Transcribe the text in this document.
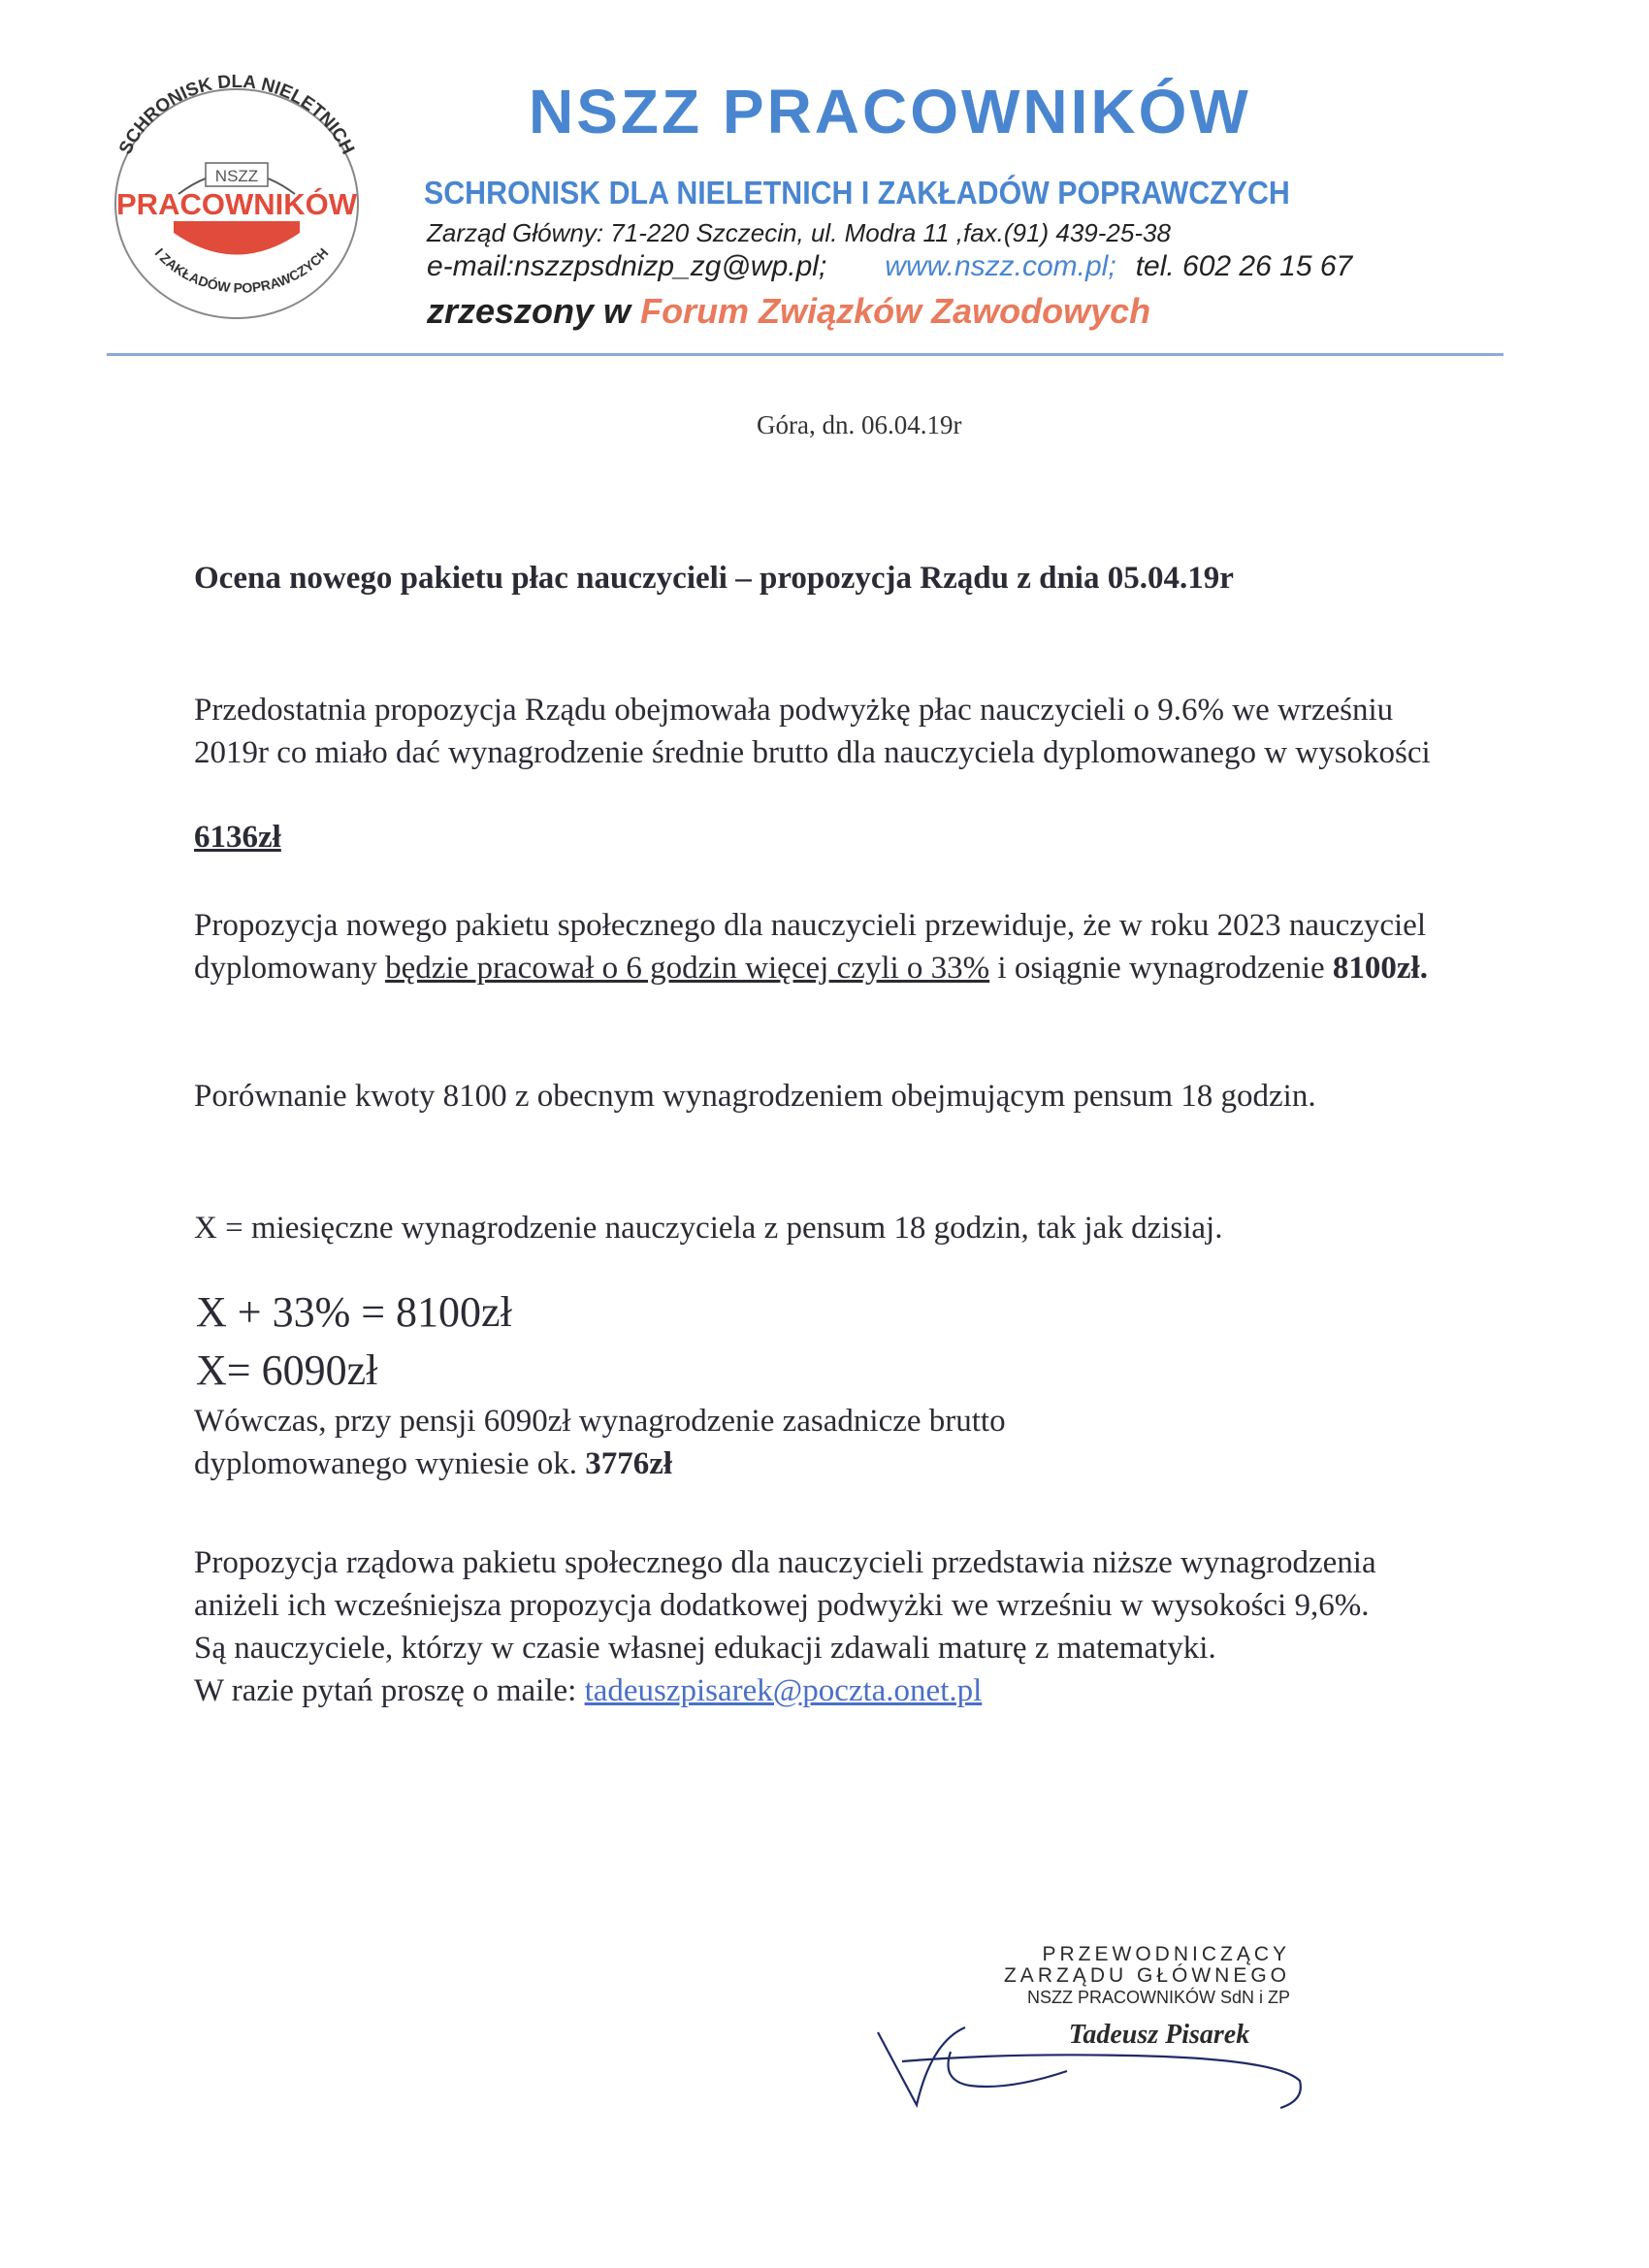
SCHRONISK DLA NIELETNICH
NSZZ
PRACOWNIKÓW
I ZAKŁADÓW POPRAWCZYCH
NSZZ PRACOWNIKÓW
SCHRONISK DLA NIELETNICH I ZAKŁADÓW POPRAWCZYCH
Zarząd Główny: 71-220 Szczecin, ul. Modra 11 ,fax.(91) 439-25-38
e-mail:nszzpsdnizp_zg@wp.pl; www.nszz.com.pl; tel. 602 26 15 67
zrzeszony w Forum Związków Zawodowych
Góra, dn. 06.04.19r
Ocena nowego pakietu płac nauczycieli – propozycja Rządu z dnia 05.04.19r
Przedostatnia propozycja Rządu obejmowała podwyżkę płac nauczycieli o 9.6% we wrześniu 2019r co miało dać wynagrodzenie średnie brutto dla nauczyciela dyplomowanego w wysokości
6136zł
Propozycja nowego pakietu społecznego dla nauczycieli przewiduje, że w roku 2023 nauczyciel dyplomowany będzie pracował o 6 godzin więcej czyli o 33% i osiągnie wynagrodzenie 8100zł.
Porównanie kwoty 8100 z obecnym wynagrodzeniem obejmującym pensum 18 godzin.
X = miesięczne wynagrodzenie nauczyciela z pensum 18 godzin, tak jak dzisiaj.
X + 33% = 8100zł
X= 6090zł
Wówczas, przy pensji 6090zł wynagrodzenie zasadnicze brutto dyplomowanego wyniesie ok. 3776zł
Propozycja rządowa pakietu społecznego dla nauczycieli przedstawia niższe wynagrodzenia aniżeli ich wcześniejsza propozycja dodatkowej podwyżki we wrześniu w wysokości 9,6%.
Są nauczyciele, którzy w czasie własnej edukacji zdawali maturę z matematyki.
W razie pytań proszę o maile: tadeuszpisarek@poczta.onet.pl
PRZEWODNICZĄCY
ZARZĄDU GŁÓWNEGO
NSZZ PRACOWNIKÓW SdN i ZP
Tadeusz Pisarek
